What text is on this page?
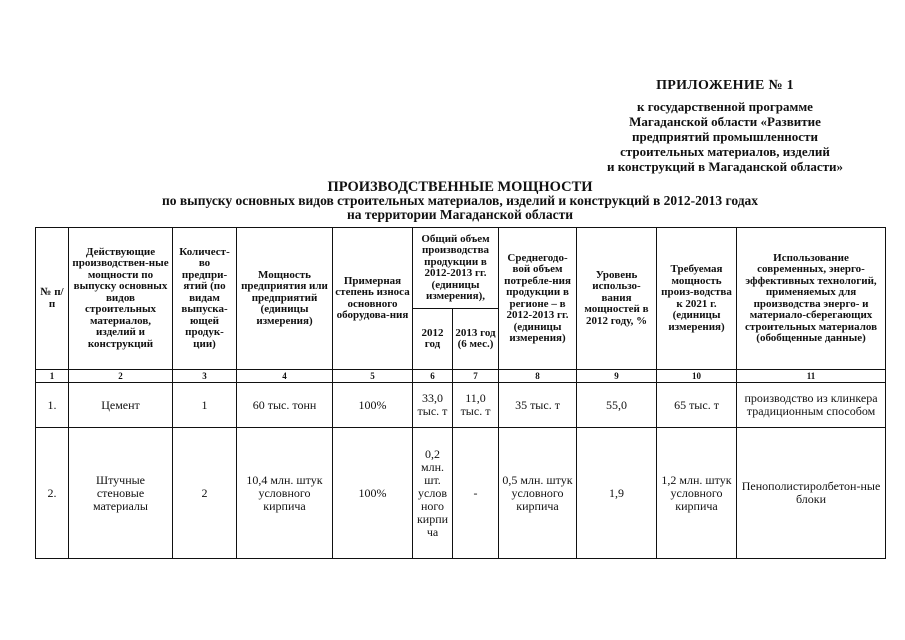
ПРИЛОЖЕНИЕ № 1
к государственной программе
Магаданской области «Развитие
предприятий промышленности
строительных материалов, изделий
и конструкций в Магаданской области»
ПРОИЗВОДСТВЕННЫЕ МОЩНОСТИ
по выпуску основных видов строительных материалов, изделий и конструкций в 2012-2013 годах
на территории Магаданской области
№ п/п	Действующие производствен-ные мощности по выпуску основных видов строительных материалов, изделий и конструкций	Количест-во предпри-ятий (по видам выпуска-ющей продук-ции)	Мощность предприятия или предприятий (единицы измерения)	Примерная степень износа основного оборудова-ния	Общий объем производства продукции в 2012-2013 гг. (единицы измерения),		Среднегодо-вой объем потребле-ния продукции в регионе – в 2012-2013 гг. (единицы измерения)	Уровень использо-вания мощностей в 2012 году, %	Требуемая мощность произ-водства к 2021 г. (единицы измерения)	Использование современных, энерго-эффективных технологий, применяемых для производства энерго- и материало-сберегающих строительных материалов (обобщенные данные)
					2012 год	2013 год (6 мес.)				
1	2	3	4	5	6	7	8	9	10	11
1.	Цемент	1	60 тыс. тонн	100%	33,0 тыс. т	11,0 тыс. т	35 тыс. т	55,0	65 тыс. т	производство из клинкера традиционным способом
2.	Штучные стеновые материалы	2	10,4 млн. штук условного кирпича	100%	0,2 млн. шт. услов ного кирпи ча	-	0,5 млн. штук условного кирпича	1,9	1,2 млн. штук условного кирпича	Пенополистиролбетон-ные блоки
